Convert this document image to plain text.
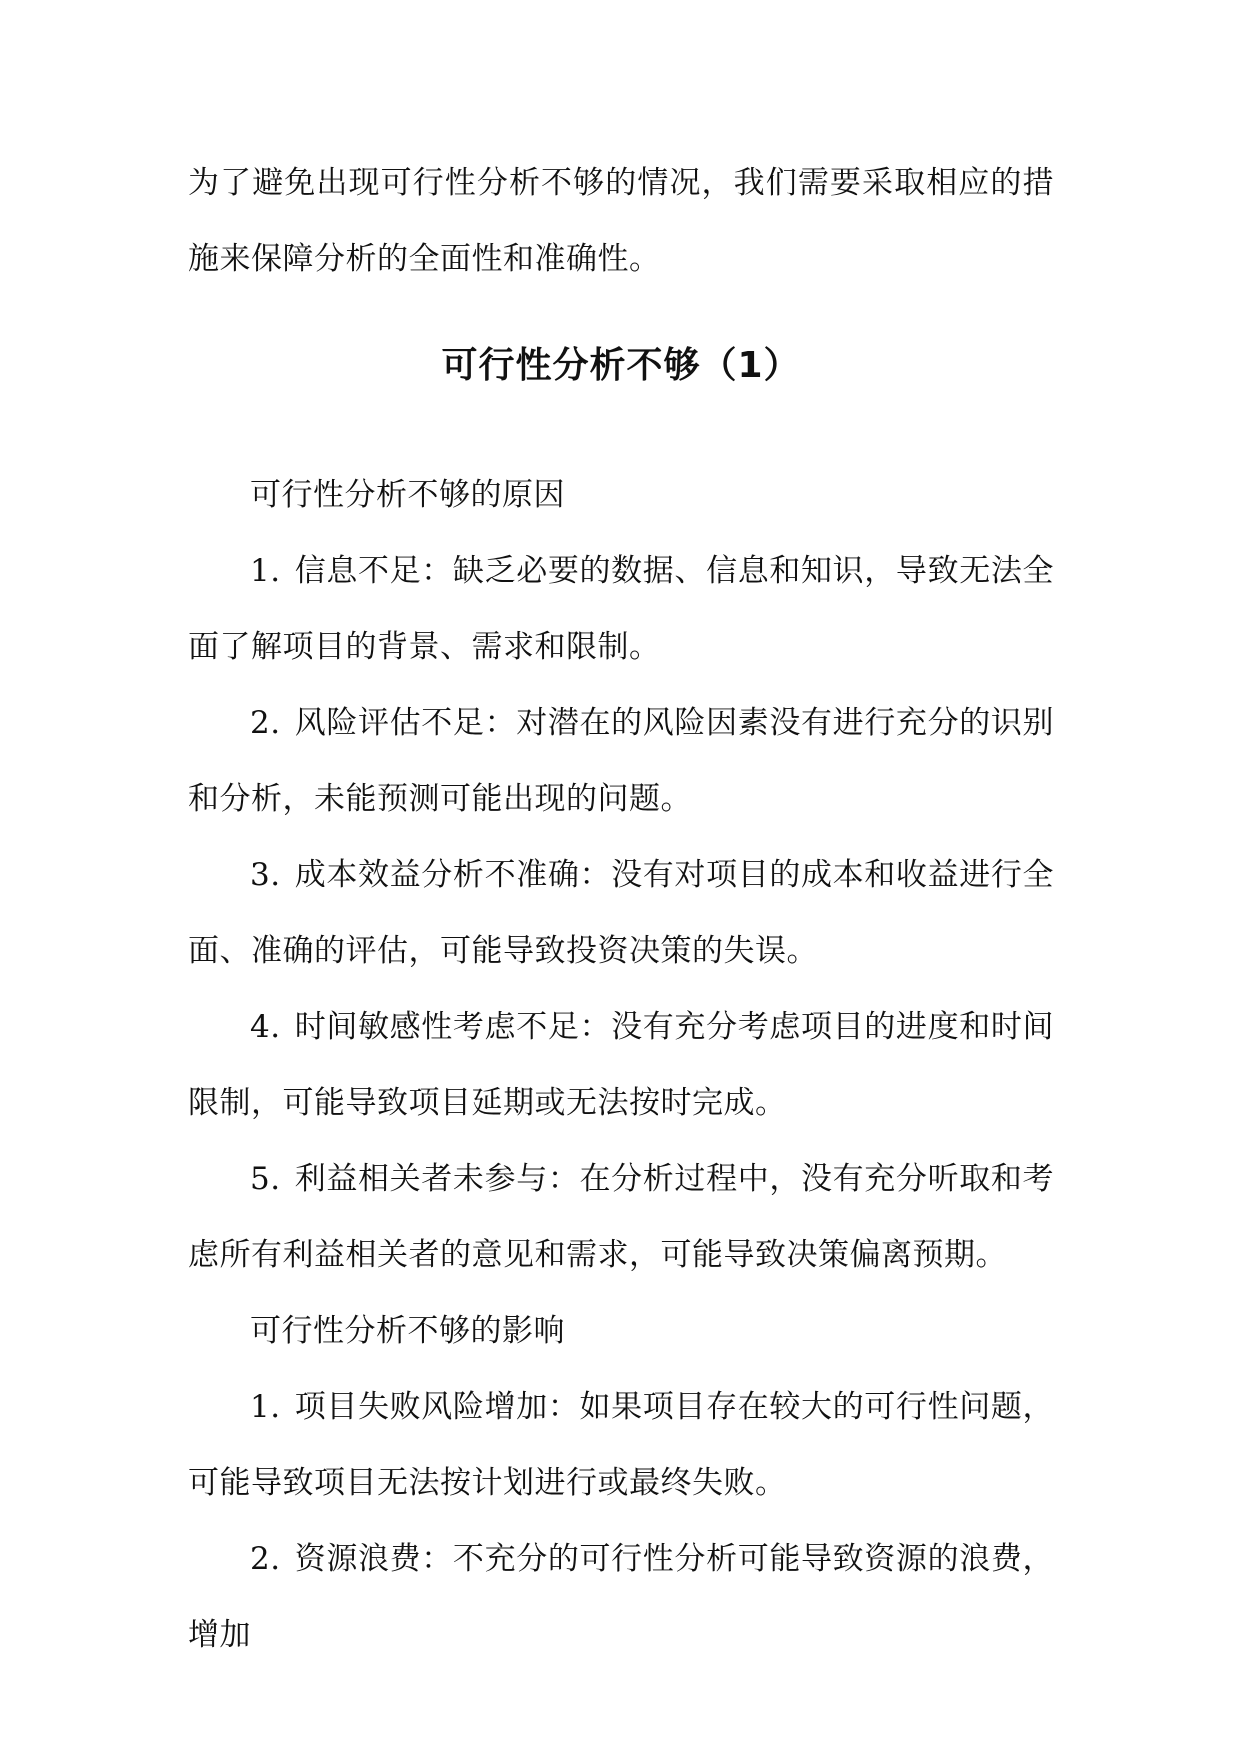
为了避免出现可行性分析不够的情况，我们需要采取相应的措施来保障分析的全面性和准确性。

可行性分析不够（1）

可行性分析不够的原因

1. 信息不足：缺乏必要的数据、信息和知识，导致无法全面了解项目的背景、需求和限制。

2. 风险评估不足：对潜在的风险因素没有进行充分的识别和分析，未能预测可能出现的问题。

3. 成本效益分析不准确：没有对项目的成本和收益进行全面、准确的评估，可能导致投资决策的失误。

4. 时间敏感性考虑不足：没有充分考虑项目的进度和时间限制，可能导致项目延期或无法按时完成。

5. 利益相关者未参与：在分析过程中，没有充分听取和考虑所有利益相关者的意见和需求，可能导致决策偏离预期。

可行性分析不够的影响

1. 项目失败风险增加：如果项目存在较大的可行性问题，可能导致项目无法按计划进行或最终失败。

2. 资源浪费：不充分的可行性分析可能导致资源的浪费，增加
